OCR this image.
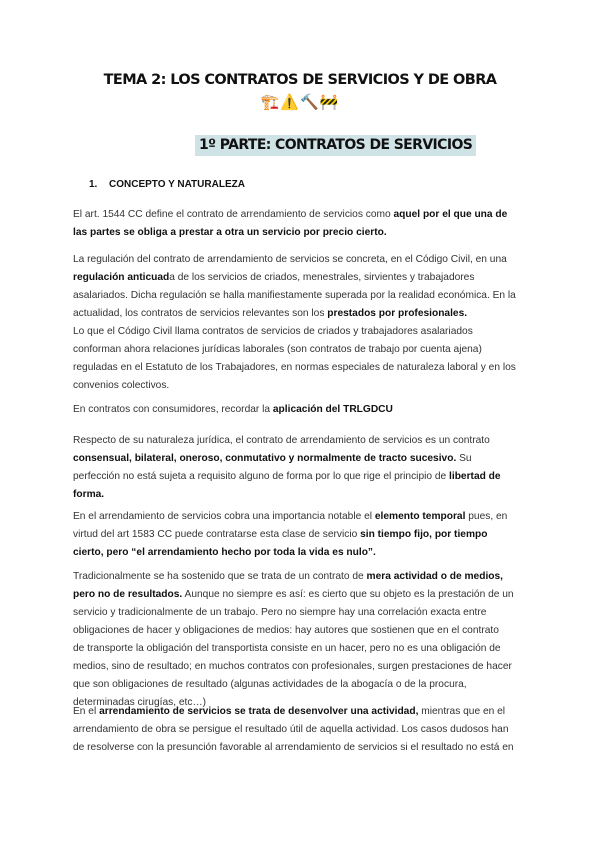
TEMA 2: LOS CONTRATOS DE SERVICIOS Y DE OBRA
🏗️⚠️🔨🚧
1º PARTE: CONTRATOS DE SERVICIOS
1. CONCEPTO Y NATURALEZA
El art. 1544 CC define el contrato de arrendamiento de servicios como aquel por el que una de
las partes se obliga a prestar a otra un servicio por precio cierto.
La regulación del contrato de arrendamiento de servicios se concreta, en el Código Civil, en una
regulación anticuada de los servicios de criados, menestrales, sirvientes y trabajadores
asalariados. Dicha regulación se halla manifiestamente superada por la realidad económica. En la
actualidad, los contratos de servicios relevantes son los prestados por profesionales.
Lo que el Código Civil llama contratos de servicios de criados y trabajadores asalariados
conforman ahora relaciones jurídicas laborales (son contratos de trabajo por cuenta ajena)
reguladas en el Estatuto de los Trabajadores, en normas especiales de naturaleza laboral y en los
convenios colectivos.
En contratos con consumidores, recordar la aplicación del TRLGDCU
Respecto de su naturaleza jurídica, el contrato de arrendamiento de servicios es un contrato
consensual, bilateral, oneroso, conmutativo y normalmente de tracto sucesivo. Su
perfección no está sujeta a requisito alguno de forma por lo que rige el principio de libertad de
forma.
En el arrendamiento de servicios cobra una importancia notable el elemento temporal pues, en
virtud del art 1583 CC puede contratarse esta clase de servicio sin tiempo fijo, por tiempo
cierto, pero “el arrendamiento hecho por toda la vida es nulo”.
Tradicionalmente se ha sostenido que se trata de un contrato de mera actividad o de medios,
pero no de resultados. Aunque no siempre es así: es cierto que su objeto es la prestación de un
servicio y tradicionalmente de un trabajo. Pero no siempre hay una correlación exacta entre
obligaciones de hacer y obligaciones de medios: hay autores que sostienen que en el contrato
de transporte la obligación del transportista consiste en un hacer, pero no es una obligación de
medios, sino de resultado; en muchos contratos con profesionales, surgen prestaciones de hacer
que son obligaciones de resultado (algunas actividades de la abogacía o de la procura,
determinadas cirugías, etc…)
En el arrendamiento de servicios se trata de desenvolver una actividad, mientras que en el
arrendamiento de obra se persigue el resultado útil de aquella actividad. Los casos dudosos han
de resolverse con la presunción favorable al arrendamiento de servicios si el resultado no está en
